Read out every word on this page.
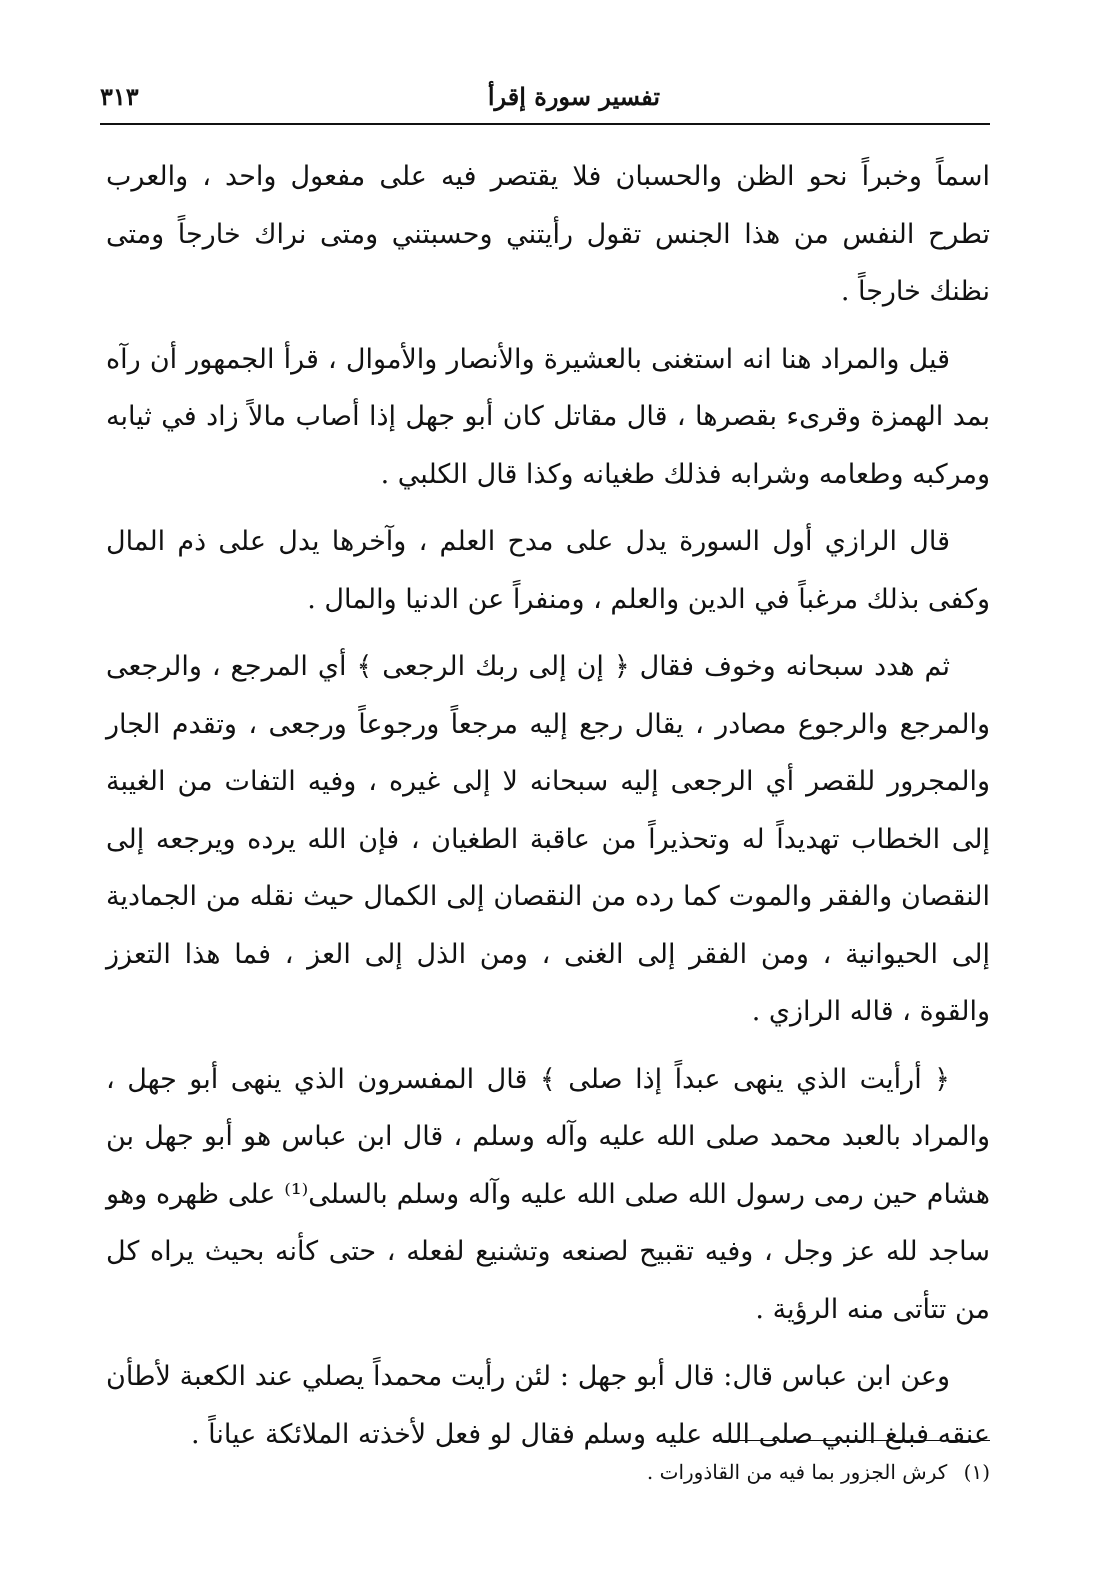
تفسير سورة إقرأ
٣١٣

اسماً وخبراً نحو الظن والحسبان فلا يقتصر فيه على مفعول واحد ، والعرب تطرح النفس من هذا الجنس تقول رأيتني وحسبتني ومتى نراك خارجاً ومتى نظنك خارجاً .

قيل والمراد هنا انه استغنى بالعشيرة والأنصار والأموال ، قرأ الجمهور أن رآه بمد الهمزة وقرىء بقصرها ، قال مقاتل كان أبو جهل إذا أصاب مالاً زاد في ثيابه ومركبه وطعامه وشرابه فذلك طغيانه وكذا قال الكلبي .

قال الرازي أول السورة يدل على مدح العلم ، وآخرها يدل على ذم المال وكفى بذلك مرغباً في الدين والعلم ، ومنفراً عن الدنيا والمال .

ثم هدد سبحانه وخوف فقال ﴿ إن إلى ربك الرجعى ﴾ أي المرجع ، والرجعى والمرجع والرجوع مصادر ، يقال رجع إليه مرجعاً ورجوعاً ورجعى ، وتقدم الجار والمجرور للقصر أي الرجعى إليه سبحانه لا إلى غيره ، وفيه التفات من الغيبة إلى الخطاب تهديداً له وتحذيراً من عاقبة الطغيان ، فإن الله يرده ويرجعه إلى النقصان والفقر والموت كما رده من النقصان إلى الكمال حيث نقله من الجمادية إلى الحيوانية ، ومن الفقر إلى الغنى ، ومن الذل إلى العز ، فما هذا التعزز والقوة ، قاله الرازي .

﴿ أرأيت الذي ينهى عبداً إذا صلى ﴾ قال المفسرون الذي ينهى أبو جهل ، والمراد بالعبد محمد صلى الله عليه وآله وسلم ، قال ابن عباس هو أبو جهل بن هشام حين رمى رسول الله صلى الله عليه وآله وسلم بالسلى⁽¹⁾ على ظهره وهو ساجد لله عز وجل ، وفيه تقبيح لصنعه وتشنيع لفعله ، حتى كأنه بحيث يراه كل من تتأتى منه الرؤية .

وعن ابن عباس قال: قال أبو جهل : لئن رأيت محمداً يصلي عند الكعبة لأطأن عنقه فبلغ النبي صلى الله عليه وسلم فقال لو فعل لأخذته الملائكة عياناً .

(١) كرش الجزور بما فيه من القاذورات .
